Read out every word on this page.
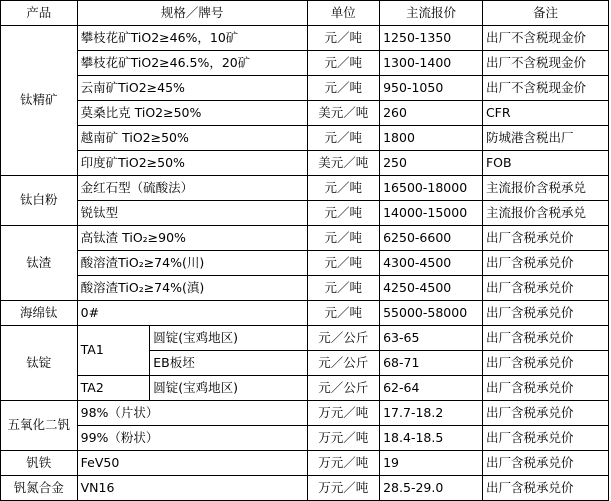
产品	规格／牌号		单位	主流报价	备注
钛精矿	攀枝花矿TiO2≥46%，10矿		元／吨	1250-1350	出厂不含税现金价
	攀枝花矿TiO2≥46.5%，20矿		元／吨	1300-1400	出厂不含税现金价
	云南矿TiO2≥45%		元／吨	950-1050	出厂不含税现金价
	莫桑比克 TiO2≥50%		美元／吨	260	CFR
	越南矿 TiO2≥50%		元／吨	1800	防城港含税出厂
	印度矿TiO2≥50%		美元／吨	250	FOB
钛白粉	金红石型（硫酸法）		元／吨	16500-18000	主流报价含税承兑
	锐钛型		元／吨	14000-15000	主流报价含税承兑
钛渣	高钛渣 TiO₂≥90%		元／吨	6250-6600	出厂含税承兑价
	酸溶渣TiO₂≥74%(川)		元／吨	4300-4500	出厂含税承兑价
	酸溶渣TiO₂≥74%(滇)		元／吨	4250-4500	出厂含税承兑价
海绵钛	0#		元／吨	55000-58000	出厂含税承兑价
钛锭	TA1	圆锭(宝鸡地区)	元／公斤	63-65	出厂含税承兑价
		EB板坯	元／公斤	68-71	出厂含税承兑价
	TA2	圆锭(宝鸡地区)	元／公斤	62-64	出厂含税承兑价
五氧化二钒	98%（片状）		万元／吨	17.7-18.2	出厂含税承兑价
	99%（粉状）		万元／吨	18.4-18.5	出厂含税承兑价
钒铁	FeV50		万元／吨	19	出厂含税承兑价
钒氮合金	VN16		万元／吨	28.5-29.0	出厂含税承兑价
